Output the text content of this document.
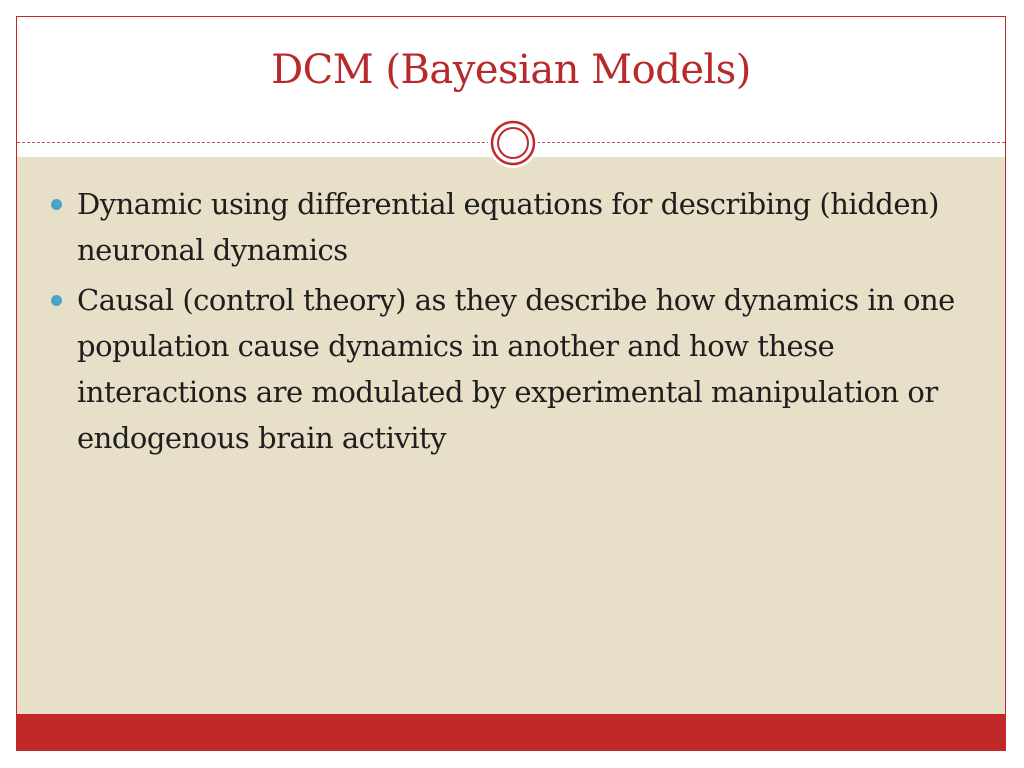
DCM (Bayesian Models)
Dynamic using differential equations for describing (hidden) neuronal dynamics
Causal (control theory) as they describe how dynamics in one population cause dynamics in another and how these interactions are modulated by experimental manipulation or endogenous brain activity
